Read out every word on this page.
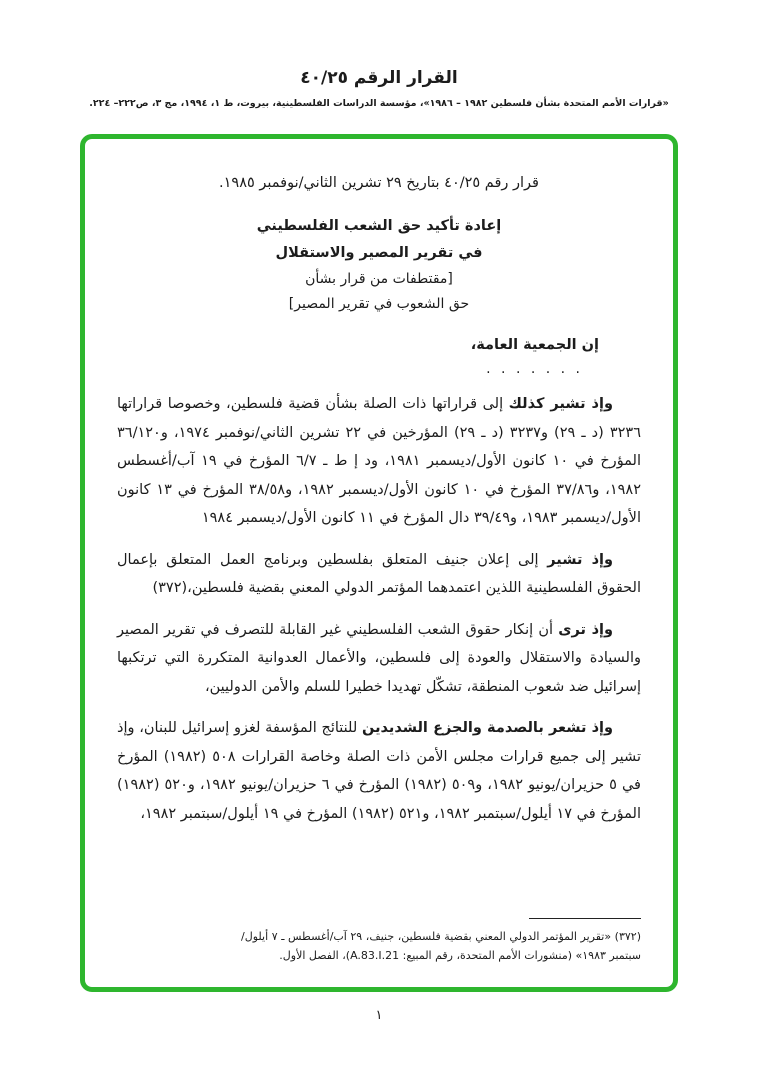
القرار الرقم ٤٠/٢٥
«قرارات الأمم المتحدة بشأن فلسطين ١٩٨٢ – ١٩٨٦»، مؤسسة الدراسات الفلسطينية، بيروت، ط ١، ١٩٩٤، مج ٣، ص٢٢٢– ٢٢٤.
قرار رقم ٤٠/٢٥ بتاريخ ٢٩ تشرين الثاني/نوفمبر ١٩٨٥.
إعادة تأكيد حق الشعب الفلسطيني
في تقرير المصير والاستقلال
[مقتطفات من قرار بشأن
حق الشعوب في تقرير المصير]
إن الجمعية العامة،
. . . . . . .

وإذ تشير كذلك إلى قراراتها ذات الصلة بشأن قضية فلسطين، وخصوصا قراراتها ٣٢٣٦ (د ـ ٢٩) و٣٢٣٧ (د ـ ٢٩) المؤرخين في ٢٢ تشرين الثاني/نوفمبر ١٩٧٤، و٣٦/١٢٠ المؤرخ في ١٠ كانون الأول/ديسمبر ١٩٨١، ود إ ط ـ ٦/٧ المؤرخ في ١٩ آب/أغسطس ١٩٨٢، و٣٧/٨٦ المؤرخ في ١٠ كانون الأول/ديسمبر ١٩٨٢، و٣٨/٥٨ المؤرخ في ١٣ كانون الأول/ديسمبر ١٩٨٣، و٣٩/٤٩ دال المؤرخ في ١١ كانون الأول/ديسمبر ١٩٨٤

وإذ تشير إلى إعلان جنيف المتعلق بفلسطين وبرنامج العمل المتعلق بإعمال الحقوق الفلسطينية اللذين اعتمدهما المؤتمر الدولي المعني بقضية فلسطين،(٣٧٢)

وإذ ترى أن إنكار حقوق الشعب الفلسطيني غير القابلة للتصرف في تقرير المصير والسيادة والاستقلال والعودة إلى فلسطين، والأعمال العدوانية المتكررة التي ترتكبها إسرائيل ضد شعوب المنطقة، تشكّل تهديدا خطيرا للسلم والأمن الدوليين،

وإذ تشعر بالصدمة والجزع الشديدين للنتائج المؤسفة لغزو إسرائيل للبنان، وإذ تشير إلى جميع قرارات مجلس الأمن ذات الصلة وخاصة القرارات ٥٠٨ (١٩٨٢) المؤرخ في ٥ حزيران/يونيو ١٩٨٢، و٥٠٩ (١٩٨٢) المؤرخ في ٦ حزيران/يونيو ١٩٨٢، و٥٢٠ (١٩٨٢) المؤرخ في ١٧ أيلول/سبتمبر ١٩٨٢، و٥٢١ (١٩٨٢) المؤرخ في ١٩ أيلول/سبتمبر ١٩٨٢،

(٣٧٢) «تقرير المؤتمر الدولي المعني بقضية فلسطين، جنيف، ٢٩ آب/أغسطس ـ ٧ أيلول/سبتمبر ١٩٨٣» (منشورات الأمم المتحدة، رقم المبيع: A.83.I.21)، الفصل الأول.
١
